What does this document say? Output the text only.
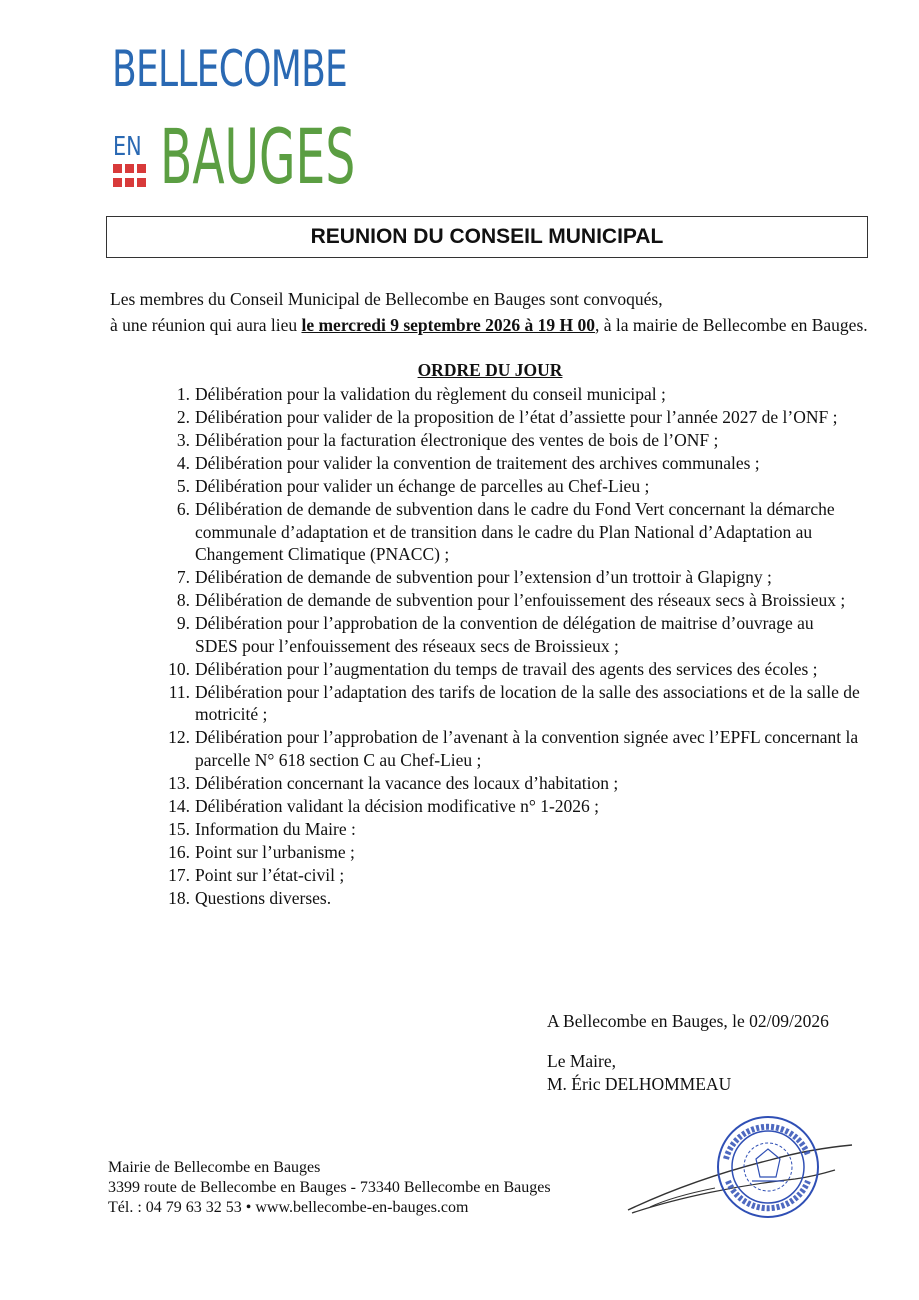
BELLECOMBE
EN BAUGES
REUNION DU CONSEIL MUNICIPAL
Les membres du Conseil Municipal de Bellecombe en Bauges sont convoqués,
à une réunion qui aura lieu le mercredi 9 septembre 2026 à 19 H 00, à la mairie de Bellecombe en Bauges.
ORDRE DU JOUR
1. Délibération pour la validation du règlement du conseil municipal ;
2. Délibération pour valider de la proposition de l’état d’assiette pour l’année 2027 de l’ONF ;
3. Délibération pour la facturation électronique des ventes de bois de l’ONF ;
4. Délibération pour valider la convention de traitement des archives communales ;
5. Délibération pour valider un échange de parcelles au Chef-Lieu ;
6. Délibération de demande de subvention dans le cadre du Fond Vert concernant la démarche communale d’adaptation et de transition dans le cadre du Plan National d’Adaptation au Changement Climatique (PNACC) ;
7. Délibération de demande de subvention pour l’extension d’un trottoir à Glapigny ;
8. Délibération de demande de subvention pour l’enfouissement des réseaux secs à Broissieux ;
9. Délibération pour l’approbation de la convention de délégation de maitrise d’ouvrage au SDES pour l’enfouissement des réseaux secs de Broissieux ;
10. Délibération pour l’augmentation du temps de travail des agents des services des écoles ;
11. Délibération pour l’adaptation des tarifs de location de la salle des associations et de la salle de motricité ;
12. Délibération pour l’approbation de l’avenant à la convention signée avec l’EPFL concernant la parcelle N° 618 section C au Chef-Lieu ;
13. Délibération concernant la vacance des locaux d’habitation ;
14. Délibération validant la décision modificative n° 1-2026 ;
15. Information du Maire :
16. Point sur l’urbanisme ;
17. Point sur l’état-civil ;
18. Questions diverses.
A Bellecombe en Bauges, le 02/09/2026
Le Maire,
M. Éric DELHOMMEAU
Mairie de Bellecombe en Bauges
3399 route de Bellecombe en Bauges - 73340 Bellecombe en Bauges
Tél. : 04 79 63 32 53 • www.bellecombe-en-bauges.com
